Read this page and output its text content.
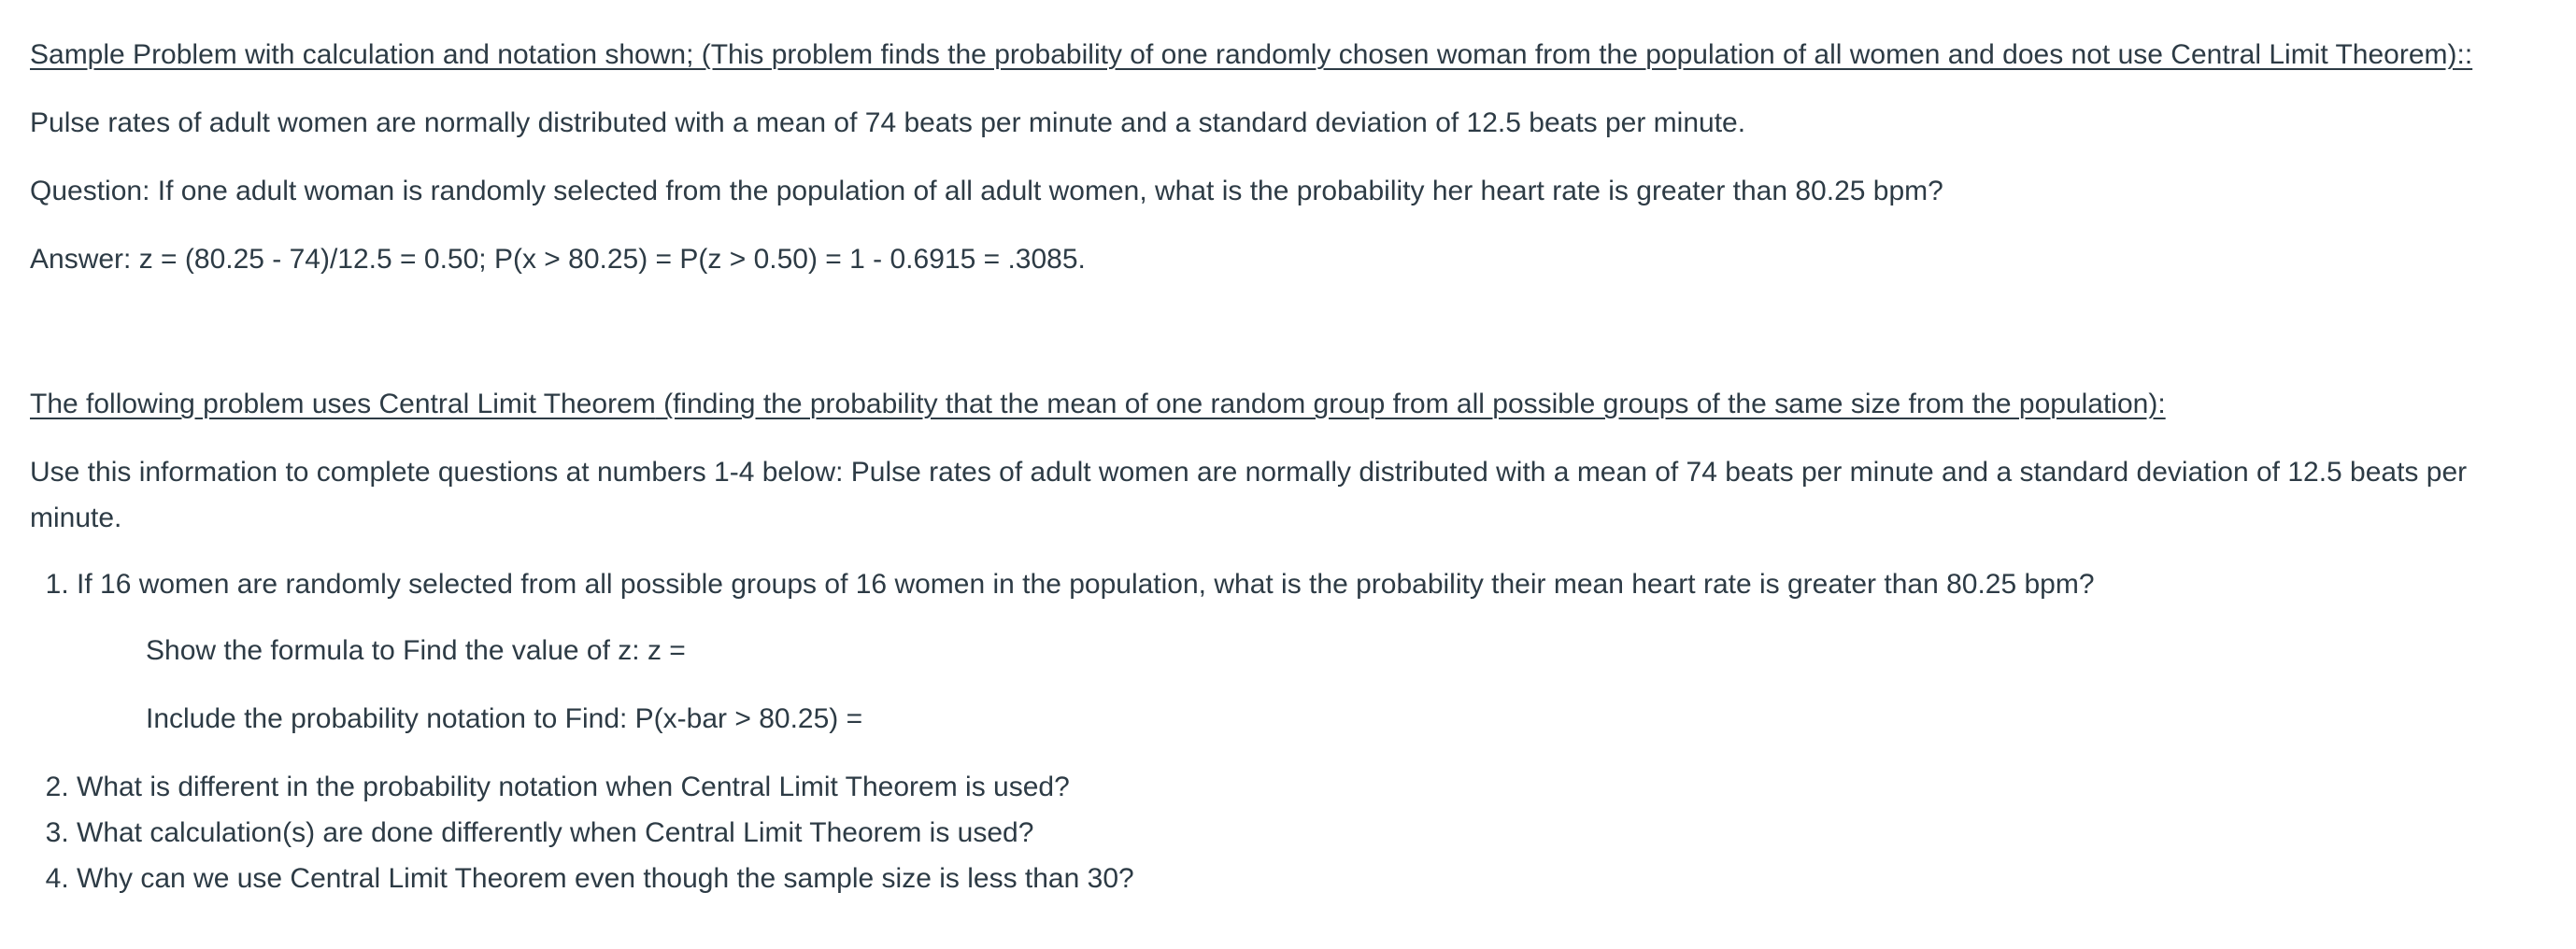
Sample Problem with calculation and notation shown; (This problem finds the probability of one randomly chosen woman from the population of all women and does not use Central Limit Theorem)::

Pulse rates of adult women are normally distributed with a mean of 74 beats per minute and a standard deviation of 12.5 beats per minute.

Question: If one adult woman is randomly selected from the population of all adult women, what is the probability her heart rate is greater than 80.25 bpm?

Answer: z = (80.25 - 74)/12.5 = 0.50; P(x > 80.25) = P(z > 0.50) = 1 - 0.6915 = .3085.

The following problem uses Central Limit Theorem (finding the probability that the mean of one random group from all possible groups of the same size from the population):

Use this information to complete questions at numbers 1-4 below: Pulse rates of adult women are normally distributed with a mean of 74 beats per minute and a standard deviation of 12.5 beats per minute.

1. If 16 women are randomly selected from all possible groups of 16 women in the population, what is the probability their mean heart rate is greater than 80.25 bpm?

Show the formula to Find the value of z: z =

Include the probability notation to Find: P(x-bar > 80.25) =

2. What is different in the probability notation when Central Limit Theorem is used?
3. What calculation(s) are done differently when Central Limit Theorem is used?
4. Why can we use Central Limit Theorem even though the sample size is less than 30?
